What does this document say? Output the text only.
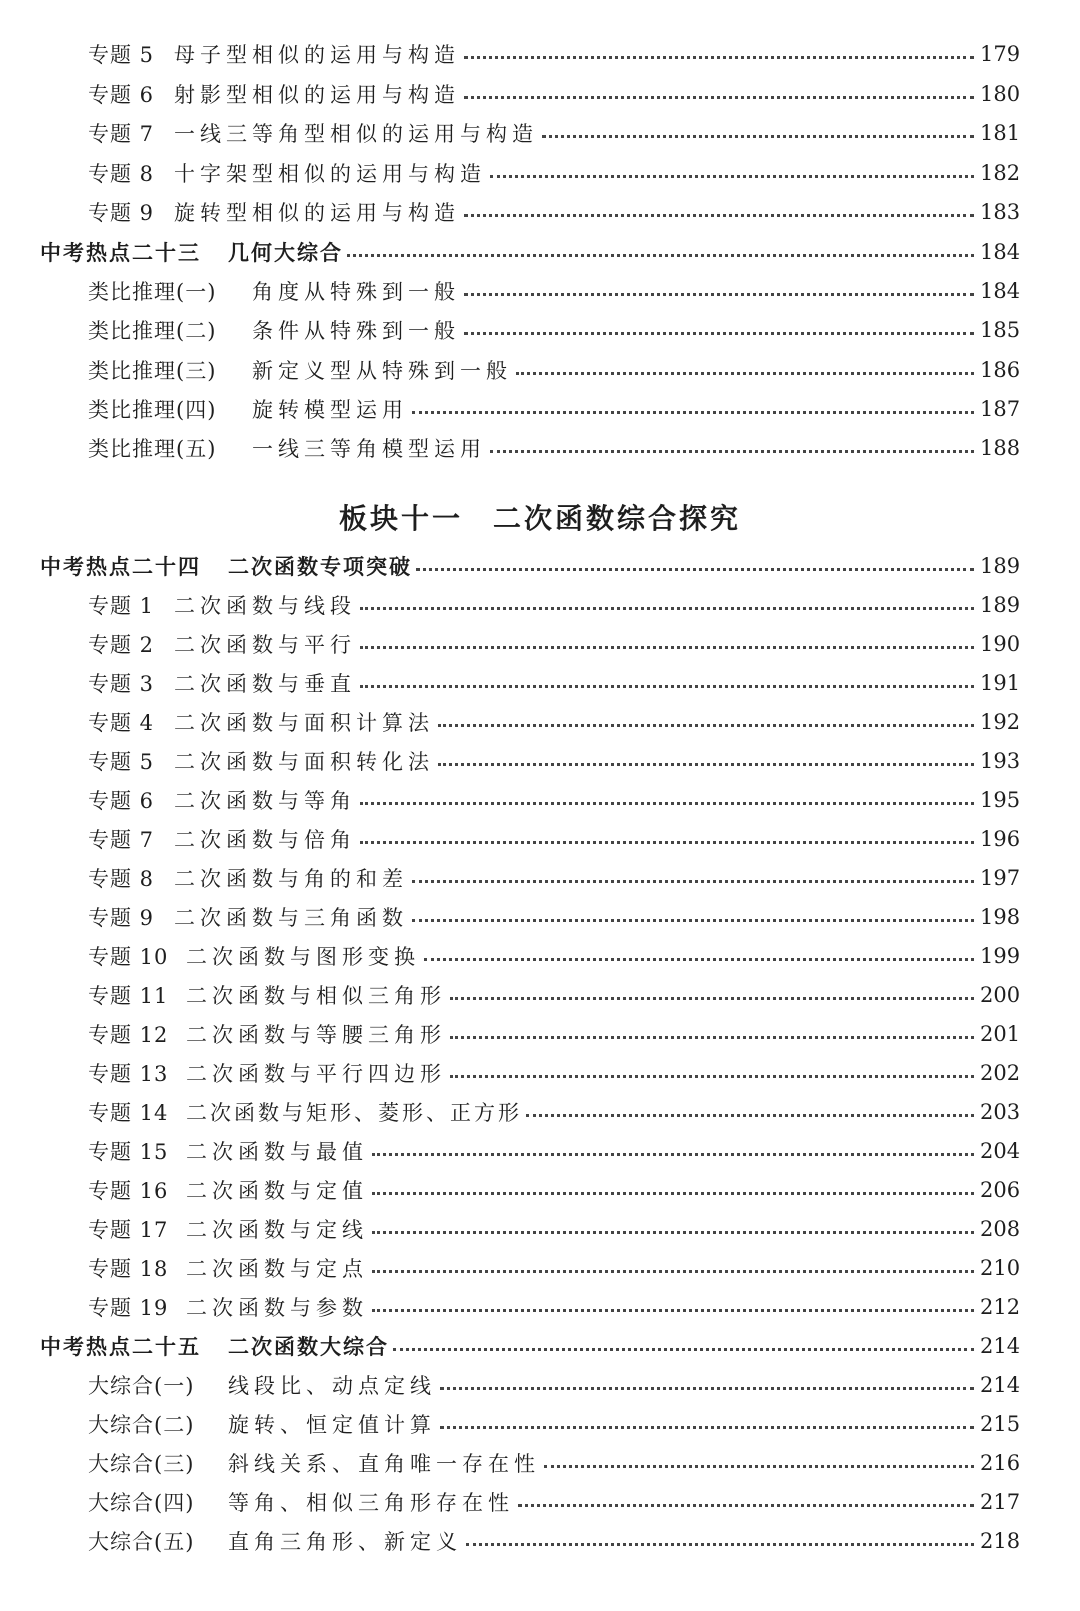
专题 5 母子型相似的运用与构造	179
专题 6 射影型相似的运用与构造	180
专题 7 一线三等角型相似的运用与构造	181
专题 8 十字架型相似的运用与构造	182
专题 9 旋转型相似的运用与构造	183
中考热点二十三	几何大综合	184
类比推理(一)	角度从特殊到一般	184
类比推理(二)	条件从特殊到一般	185
类比推理(三)	新定义型从特殊到一般	186
类比推理(四)	旋转模型运用	187
类比推理(五)	一线三等角模型运用	188
板块十一 二次函数综合探究
中考热点二十四	二次函数专项突破	189
专题 1 二次函数与线段	189
专题 2 二次函数与平行	190
专题 3 二次函数与垂直	191
专题 4 二次函数与面积计算法	192
专题 5 二次函数与面积转化法	193
专题 6 二次函数与等角	195
专题 7 二次函数与倍角	196
专题 8 二次函数与角的和差	197
专题 9 二次函数与三角函数	198
专题 10 二次函数与图形变换	199
专题 11 二次函数与相似三角形	200
专题 12 二次函数与等腰三角形	201
专题 13 二次函数与平行四边形	202
专题 14 二次函数与矩形、菱形、正方形	203
专题 15 二次函数与最值	204
专题 16 二次函数与定值	206
专题 17 二次函数与定线	208
专题 18 二次函数与定点	210
专题 19 二次函数与参数	212
中考热点二十五	二次函数大综合	214
大综合(一)	线段比、动点定线	214
大综合(二)	旋转、恒定值计算	215
大综合(三)	斜线关系、直角唯一存在性	216
大综合(四)	等角、相似三角形存在性	217
大综合(五)	直角三角形、新定义	218
